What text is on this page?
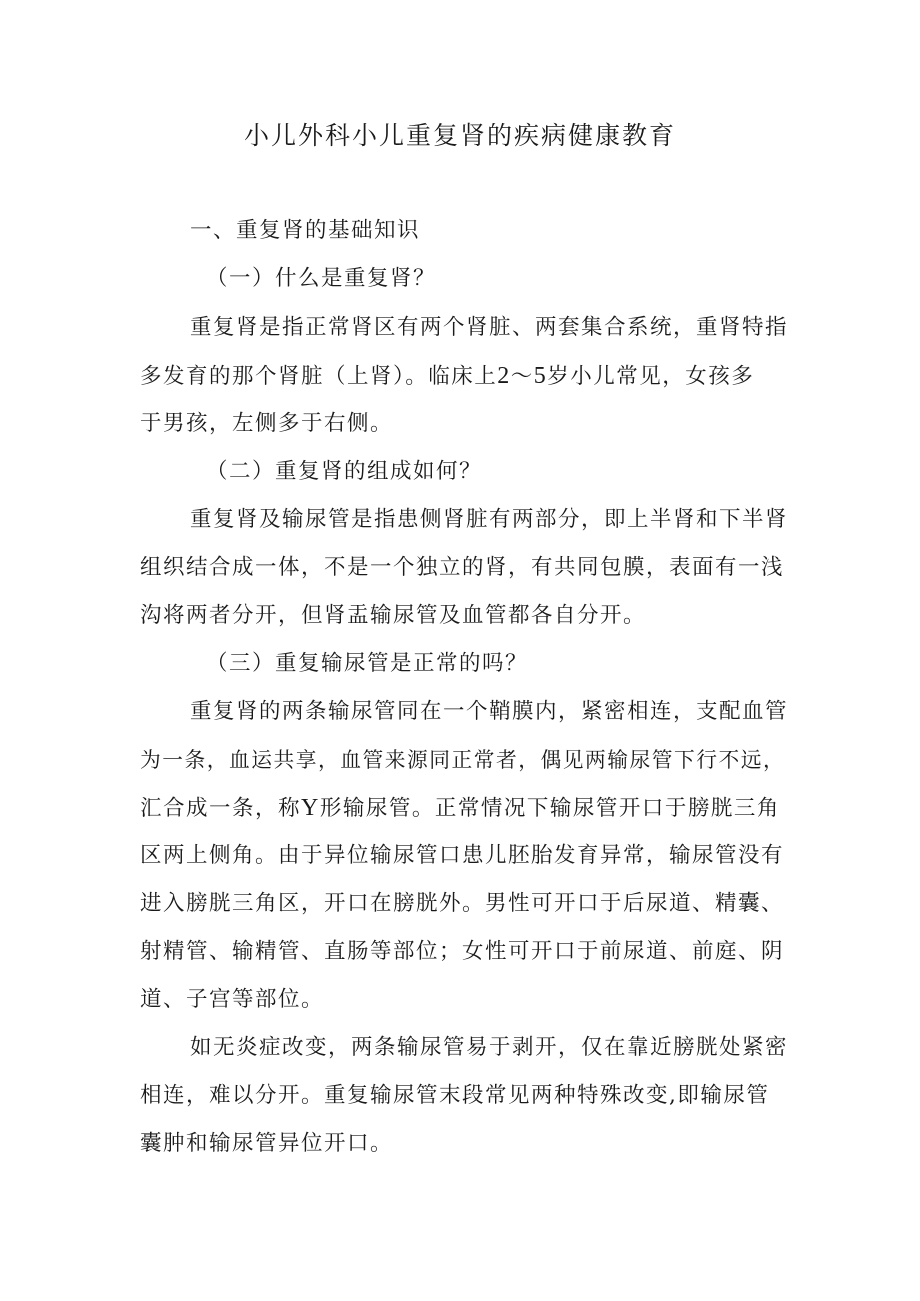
小儿外科小儿重复肾的疾病健康教育

一、重复肾的基础知识

（一）什么是重复肾？

重复肾是指正常肾区有两个肾脏、两套集合系统，重肾特指

多发育的那个肾脏（上肾）。临床上2～5岁小儿常见，女孩多

于男孩，左侧多于右侧。

（二）重复肾的组成如何？

重复肾及输尿管是指患侧肾脏有两部分，即上半肾和下半肾

组织结合成一体，不是一个独立的肾，有共同包膜，表面有一浅

沟将两者分开，但肾盂输尿管及血管都各自分开。

（三）重复输尿管是正常的吗？

重复肾的两条输尿管同在一个鞘膜内，紧密相连，支配血管

为一条，血运共享，血管来源同正常者，偶见两输尿管下行不远，

汇合成一条，称Y形输尿管。正常情况下输尿管开口于膀胱三角

区两上侧角。由于异位输尿管口患儿胚胎发育异常，输尿管没有

进入膀胱三角区，开口在膀胱外。男性可开口于后尿道、精囊、

射精管、输精管、直肠等部位；女性可开口于前尿道、前庭、阴

道、子宫等部位。

如无炎症改变，两条输尿管易于剥开，仅在靠近膀胱处紧密

相连，难以分开。重复输尿管末段常见两种特殊改变,即输尿管

囊肿和输尿管异位开口。
